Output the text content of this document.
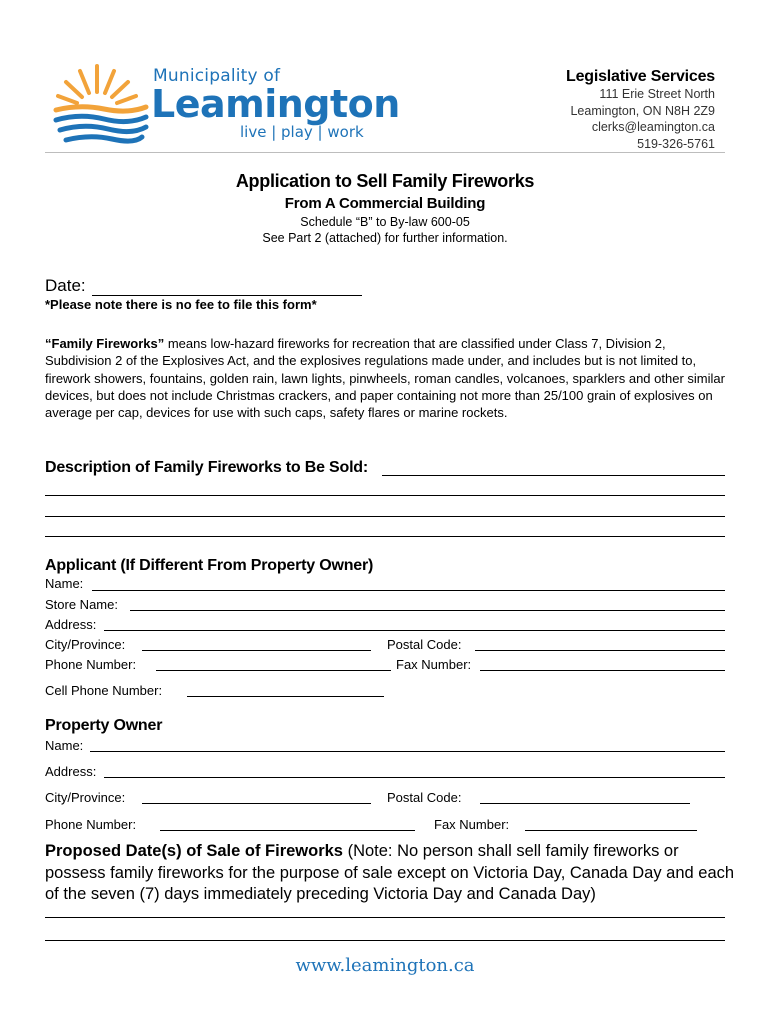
Municipality of
Leamington
live | play | work
Legislative Services
111 Erie Street North
Leamington, ON N8H 2Z9
clerks@leamington.ca
519-326-5761
Application to Sell Family Fireworks
From A Commercial Building
Schedule “B” to By-law 600-05
See Part 2 (attached) for further information.
Date:
*Please note there is no fee to file this form*
“Family Fireworks” means low-hazard fireworks for recreation that are classified under Class 7, Division 2, Subdivision 2 of the Explosives Act, and the explosives regulations made under, and includes but is not limited to, firework showers, fountains, golden rain, lawn lights, pinwheels, roman candles, volcanoes, sparklers and other similar devices, but does not include Christmas crackers, and paper containing not more than 25/100 grain of explosives on average per cap, devices for use with such caps, safety flares or marine rockets.
Description of Family Fireworks to Be Sold:
Applicant (If Different From Property Owner)
Name:
Store Name:
Address:
City/Province:	Postal Code:
Phone Number:	Fax Number:
Cell Phone Number:
Property Owner
Name:
Address:
City/Province:	Postal Code:
Phone Number:	Fax Number:
Proposed Date(s) of Sale of Fireworks (Note: No person shall sell family fireworks or possess family fireworks for the purpose of sale except on Victoria Day, Canada Day and each of the seven (7) days immediately preceding Victoria Day and Canada Day)
www.leamington.ca
